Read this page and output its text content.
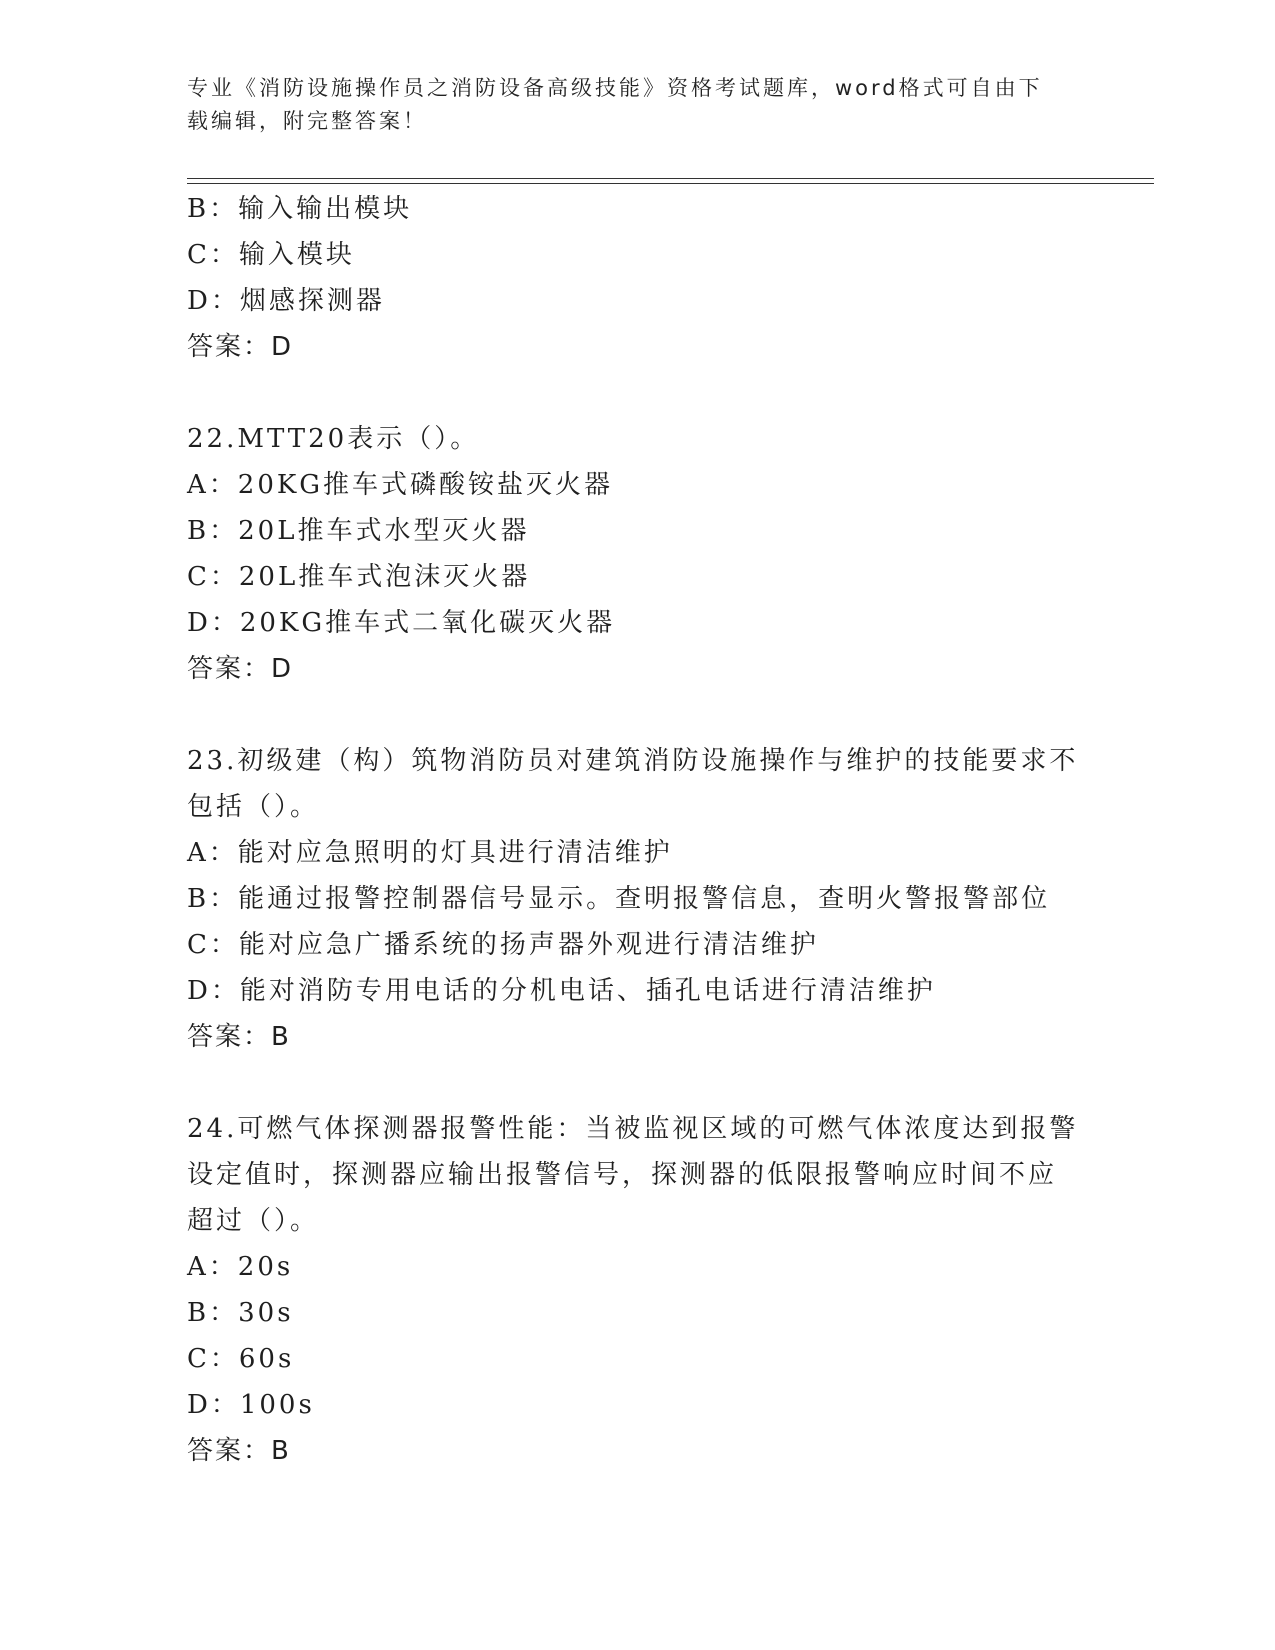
专业《消防设施操作员之消防设备高级技能》资格考试题库，word格式可自由下
载编辑，附完整答案！
B：输入输出模块
C：输入模块
D：烟感探测器
答案：D
22.MTT20表示（）。
A：20KG推车式磷酸铵盐灭火器
B：20L推车式水型灭火器
C：20L推车式泡沫灭火器
D：20KG推车式二氧化碳灭火器
答案：D
23.初级建（构）筑物消防员对建筑消防设施操作与维护的技能要求不
包括（）。
A：能对应急照明的灯具进行清洁维护
B：能通过报警控制器信号显示。查明报警信息，查明火警报警部位
C：能对应急广播系统的扬声器外观进行清洁维护
D：能对消防专用电话的分机电话、插孔电话进行清洁维护
答案：B
24.可燃气体探测器报警性能：当被监视区域的可燃气体浓度达到报警
设定值时，探测器应输出报警信号，探测器的低限报警响应时间不应
超过（）。
A：20s
B：30s
C：60s
D：100s
答案：B
